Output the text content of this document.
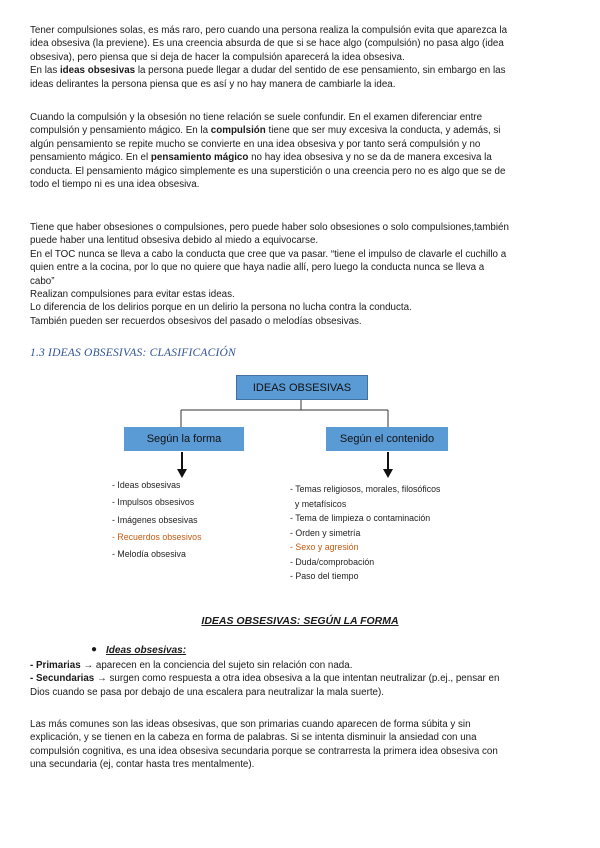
Tener compulsiones solas, es más raro, pero cuando una persona realiza la compulsión evita que aparezca la
idea obsesiva (la previene). Es una creencia absurda de que si se hace algo (compulsión) no pasa algo (idea
obsesiva), pero piensa que si deja de hacer la compulsión aparecerá la idea obsesiva.
En las ideas obsesivas la persona puede llegar a dudar del sentido de ese pensamiento, sin embargo en las
ideas delirantes la persona piensa que es así y no hay manera de cambiarle la idea.
Cuando la compulsión y la obsesión no tiene relación se suele confundir. En el examen diferenciar entre
compulsión y pensamiento mágico. En la compulsión tiene que ser muy excesiva la conducta, y además, si
algún pensamiento se repite mucho se convierte en una idea obsesiva y por tanto será compulsión y no
pensamiento mágico. En el pensamiento mágico no hay idea obsesiva y no se da de manera excesiva la
conducta. El pensamiento mágico simplemente es una superstición o una creencia pero no es algo que se de
todo el tiempo ni es una idea obsesiva.
Tiene que haber obsesiones o compulsiones, pero puede haber solo obsesiones o solo compulsiones,también
puede haber una lentitud obsesiva debido al miedo a equivocarse.
En el TOC nunca se lleva a cabo la conducta que cree que va pasar. “tiene el impulso de clavarle el cuchillo a
quien entre a la cocina, por lo que no quiere que haya nadie allí, pero luego la conducta nunca se lleva a
cabo”
Realizan compulsiones para evitar estas ideas.
Lo diferencia de los delirios porque en un delirio la persona no lucha contra la conducta.
También pueden ser recuerdos obsesivos del pasado o melodías obsesivas.

1.3 IDEAS OBSESIVAS: CLASIFICACIÓN

IDEAS OBSESIVAS
Según la forma	Según el contenido
- Ideas obsesivas
- Impulsos obsesivos
- Imágenes obsesivas
- Recuerdos obsesivos
- Melodía obsesiva
- Temas religiosos, morales, filosóficos
y metafísicos
- Tema de limpieza o contaminación
- Orden y simetría
- Sexo y agresión
- Duda/comprobación
- Paso del tiempo

IDEAS OBSESIVAS: SEGÚN LA FORMA

● Ideas obsesivas:
- Primarias → aparecen en la conciencia del sujeto sin relación con nada.
- Secundarias → surgen como respuesta a otra idea obsesiva a la que intentan neutralizar (p.ej., pensar en
Dios cuando se pasa por debajo de una escalera para neutralizar la mala suerte).
Las más comunes son las ideas obsesivas, que son primarias cuando aparecen de forma súbita y sin
explicación, y se tienen en la cabeza en forma de palabras. Si se intenta disminuir la ansiedad con una
compulsión cognitiva, es una idea obsesiva secundaria porque se contrarresta la primera idea obsesiva con
una secundaria (ej, contar hasta tres mentalmente).
